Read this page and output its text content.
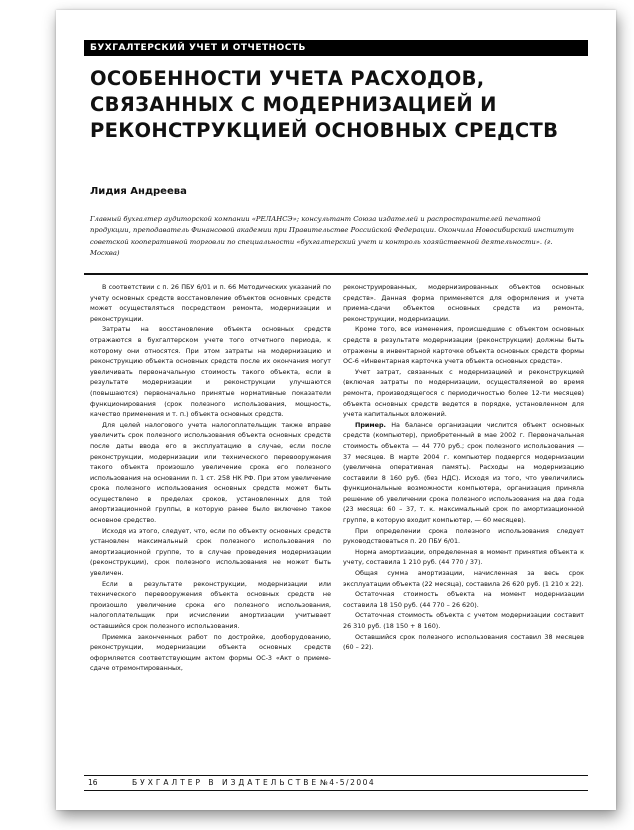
БУХГАЛТЕРСКИЙ УЧЕТ И ОТЧЕТНОСТЬ
ОСОБЕННОСТИ УЧЕТА РАСХОДОВ, СВЯЗАННЫХ С МОДЕРНИЗАЦИЕЙ И РЕКОНСТРУКЦИЕЙ ОСНОВНЫХ СРЕДСТВ
Лидия Андреева
Главный бухгалтер аудиторской компании «РЕЛАНСЭ»; консультант Союза издателей и распространителей печатной продукции, преподаватель Финансовой академии при Правительстве Российской Федерации. Окончила Новосибирский институт советской кооперативной торговли по специальности «бухгалтерский учет и контроль хозяйственной деятельности». (г. Москва)

В соответствии с п. 26 ПБУ 6/01 и п. 66 Методических указаний по учету основных средств восстановление объектов основных средств может осуществляться посредством ремонта, модернизации и реконструкции.

Затраты на восстановление объекта основных средств отражаются в бухгалтерском учете того отчетного периода, к которому они относятся. При этом затраты на модернизацию и реконструкцию объекта основных средств после их окончания могут увеличивать первоначальную стоимость такого объекта, если в результате модернизации и реконструкции улучшаются (повышаются) первоначально принятые нормативные показатели функционирования (срок полезного использования, мощность, качество применения и т. п.) объекта основных средств.

Для целей налогового учета налогоплательщик также вправе увеличить срок полезного использования объекта основных средств после даты ввода его в эксплуатацию в случае, если после реконструкции, модернизации или технического перевооружения такого объекта произошло увеличение срока его полезного использования на основании п. 1 ст. 258 НК РФ. При этом увеличение срока полезного использования основных средств может быть осуществлено в пределах сроков, установленных для той амортизационной группы, в которую ранее было включено такое основное средство.

Исходя из этого, следует, что, если по объекту основных средств установлен максимальный срок полезного использования по амортизационной группе, то в случае проведения модернизации (реконструкции), срок полезного использования не может быть увеличен.

Если в результате реконструкции, модернизации или технического перевооружения объекта основных средств не произошло увеличение срока его полезного использования, налогоплательщик при исчислении амортизации учитывает оставшийся срок полезного использования.

Приемка законченных работ по достройке, дооборудованию, реконструкции, модернизации объекта основных средств оформляется соответствующим актом формы ОС-3 «Акт о приеме-сдаче отремонтированных,

реконструированных, модернизированных объектов основных средств». Данная форма применяется для оформления и учета приема-сдачи объектов основных средств из ремонта, реконструкции, модернизации.

Кроме того, все изменения, происшедшие с объектом основных средств в результате модернизации (реконструкции) должны быть отражены в инвентарной карточке объекта основных средств формы ОС-6 «Инвентарная карточка учета объекта основных средств».

Учет затрат, связанных с модернизацией и реконструкцией (включая затраты по модернизации, осуществляемой во время ремонта, производящегося с периодичностью более 12-ти месяцев) объекта основных средств ведется в порядке, установленном для учета капитальных вложений.

Пример. На балансе организации числится объект основных средств (компьютер), приобретенный в мае 2002 г. Первоначальная стоимость объекта — 44 770 руб.; срок полезного использования — 37 месяцев. В марте 2004 г. компьютер подвергся модернизации (увеличена оперативная память). Расходы на модернизацию составили 8 160 руб. (без НДС). Исходя из того, что увеличились функциональные возможности компьютера, организация приняла решение об увеличении срока полезного использования на два года (23 месяца: 60 – 37, т. к. максимальный срок по амортизационной группе, в которую входит компьютер, — 60 месяцев).

При определении срока полезного использования следует руководствоваться п. 20 ПБУ 6/01.

Норма амортизации, определенная в момент принятия объекта к учету, составила 1 210 руб. (44 770 / 37).

Общая сумма амортизации, начисленная за весь срок эксплуатации объекта (22 месяца), составила 26 620 руб. (1 210 х 22).

Остаточная стоимость объекта на момент модернизации составила 18 150 руб. (44 770 – 26 620).

Остаточная стоимость объекта с учетом модернизации составит 26 310 руб. (18 150 + 8 160).

Оставшийся срок полезного использования составил 38 месяцев (60 – 22).

16	БУХГАЛТЕР В ИЗДАТЕЛЬСТВЕ №4-5/2004
